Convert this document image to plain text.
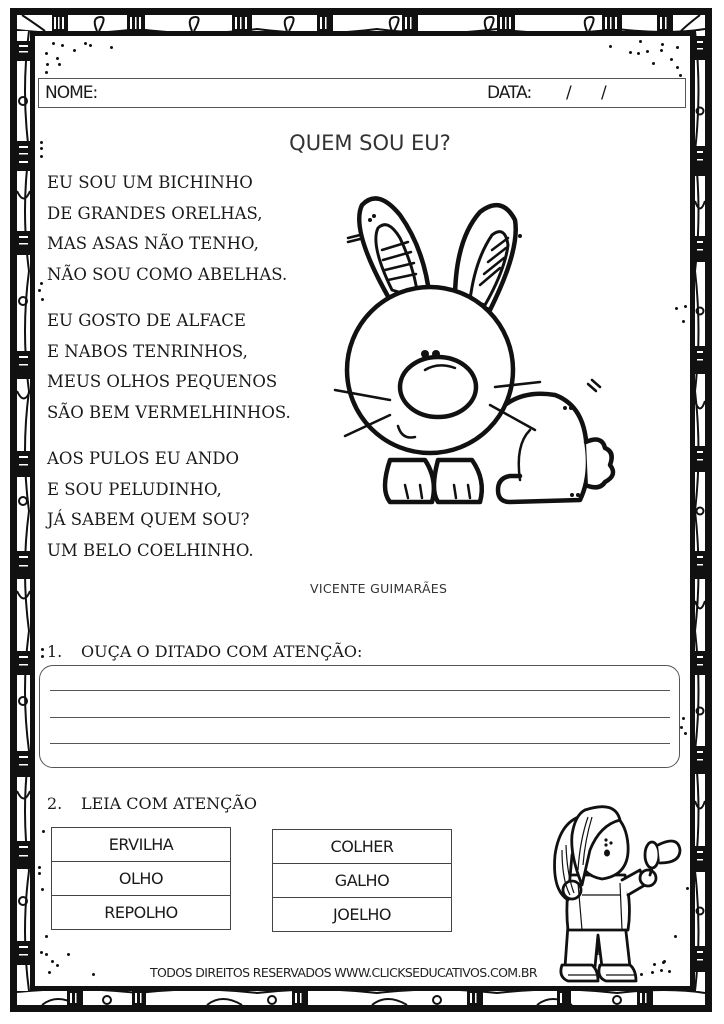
NOME:	DATA: / /
QUEM SOU EU?
EU SOU UM BICHINHO
DE GRANDES ORELHAS,
MAS ASAS NÃO TENHO,
NÃO SOU COMO ABELHAS.
EU GOSTO DE ALFACE
E NABOS TENRINHOS,
MEUS OLHOS PEQUENOS
SÃO BEM VERMELHINHOS.
AOS PULOS EU ANDO
E SOU PELUDINHO,
JÁ SABEM QUEM SOU?
UM BELO COELHINHO.
VICENTE GUIMARÃES
1. OUÇA O DITADO COM ATENÇÃO:
2. LEIA COM ATENÇÃO
ERVILHA
OLHO
REPOLHO
COLHER
GALHO
JOELHO
TODOS DIREITOS RESERVADOS WWW.CLICKSEDUCATIVOS.COM.BR
